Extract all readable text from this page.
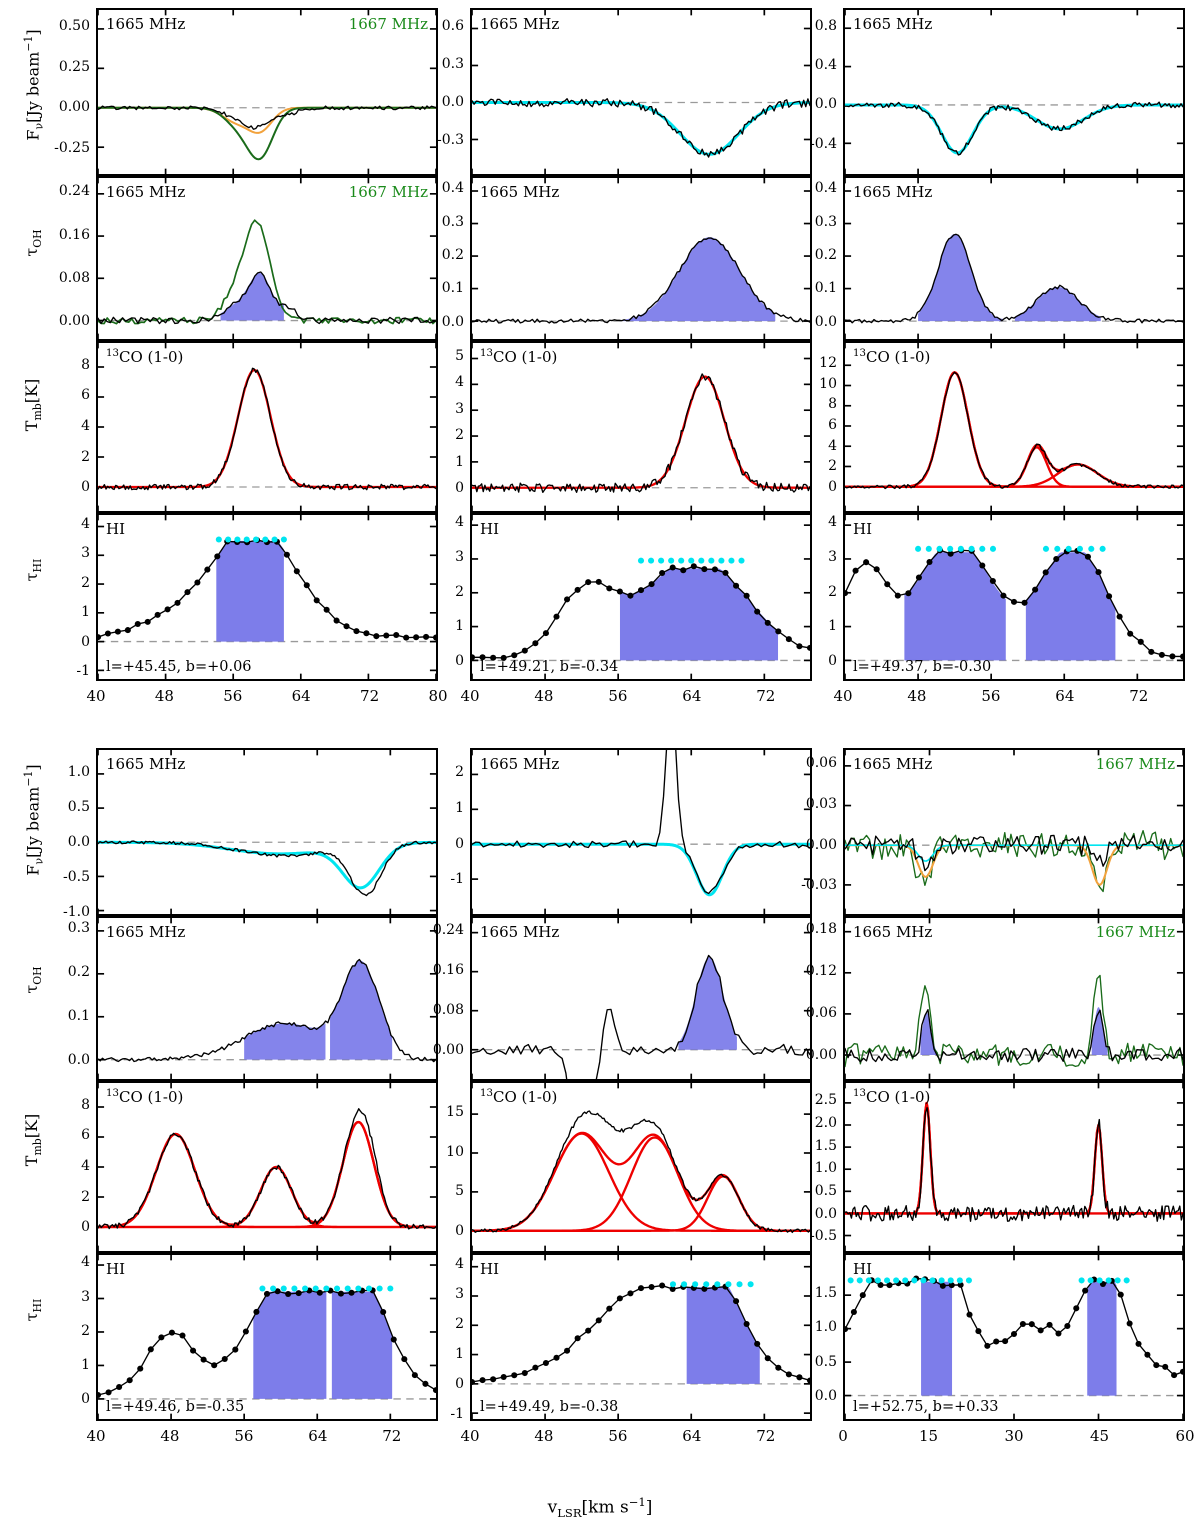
$F_\nu[Jy$ beam$^{-1}$]
$\tau_{OH}$
$T_{mb}[K]$
$\tau_{HI}$
$F_\nu[Jy$ beam$^{-1}$]
$\tau_{OH}$
$T_{mb}[K]$
$\tau_{HI}$
$v_{LSR}[km$ $s^{-1}$]
1665 MHz	1667 MHz
-0.25
0.00
0.25
0.50
1665 MHz	1667 MHz
0.00
0.08
0.16
0.24
$^{13}$CO (1-0)
0
2
4
6
8
HI
l=+45.45, b=+0.06
-1
0
1
2
3
4
40	48	56	64	72	80
1665 MHz
-0.3
0.0
0.3
0.6
1665 MHz
0.0
0.1
0.2
0.3
0.4
$^{13}$CO (1-0)
0
1
2
3
4
5
HI
l=+49.21, b=-0.34
0
1
2
3
4
40	48	56	64	72
1665 MHz
-0.4
0.0
0.4
0.8
1665 MHz
0.0
0.1
0.2
0.3
0.4
$^{13}$CO (1-0)
0
2
4
6
8
10
12
HI
l=+49.37, b=-0.30
0
1
2
3
4
40	48	56	64	72
1665 MHz
-1.0
-0.5
0.0
0.5
1.0
1665 MHz
0.0
0.1
0.2
0.3
$^{13}$CO (1-0)
0
2
4
6
8
HI
l=+49.46, b=-0.35
0
1
2
3
4
40	48	56	64	72
1665 MHz
-1
0
1
2
1665 MHz
0.00
0.08
0.16
0.24
$^{13}$CO (1-0)
0
5
10
15
HI
l=+49.49, b=-0.38
-1
0
1
2
3
4
40	48	56	64	72
1665 MHz	1667 MHz
-0.03
0.00
0.03
0.06
1665 MHz	1667 MHz
0.00
0.06
0.12
0.18
$^{13}$CO (1-0)
-0.5
0.0
0.5
1.0
1.5
2.0
2.5
HI
l=+52.75, b=+0.33
0.0
0.5
1.0
1.5
0	15	30	45	60
